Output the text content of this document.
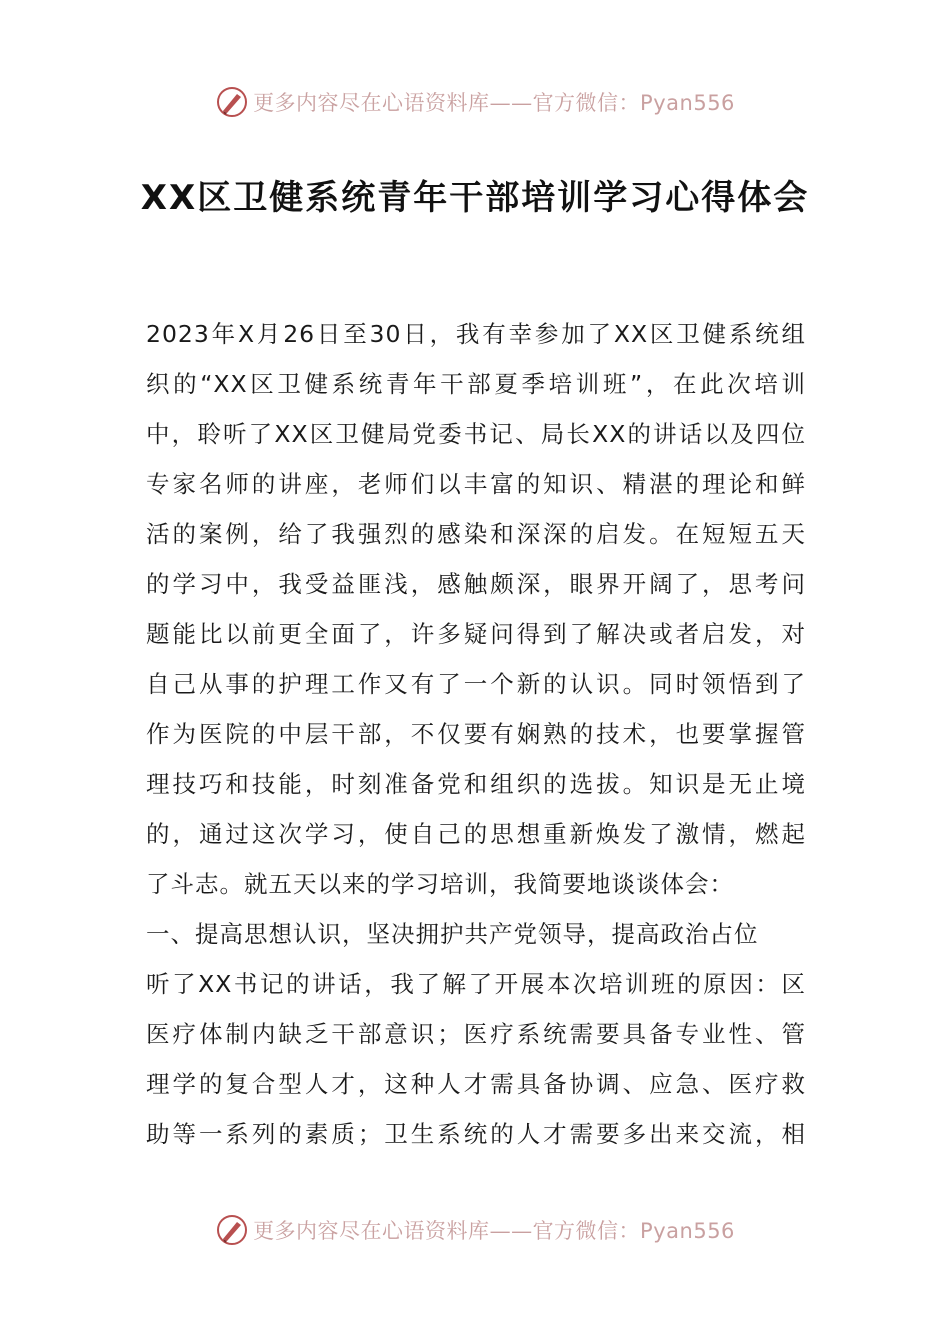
更多内容尽在心语资料库——官方微信：Pyan556
XX区卫健系统青年干部培训学习心得体会
2023年X月26日至30日，我有幸参加了XX区卫健系统组
织的“XX区卫健系统青年干部夏季培训班”，在此次培训
中，聆听了XX区卫健局党委书记、局长XX的讲话以及四位
专家名师的讲座，老师们以丰富的知识、精湛的理论和鲜
活的案例，给了我强烈的感染和深深的启发。在短短五天
的学习中，我受益匪浅，感触颇深，眼界开阔了，思考问
题能比以前更全面了，许多疑问得到了解决或者启发，对
自己从事的护理工作又有了一个新的认识。同时领悟到了
作为医院的中层干部，不仅要有娴熟的技术，也要掌握管
理技巧和技能，时刻准备党和组织的选拔。知识是无止境
的，通过这次学习，使自己的思想重新焕发了激情，燃起
了斗志。就五天以来的学习培训，我简要地谈谈体会：
一、提高思想认识，坚决拥护共产党领导，提高政治占位
听了XX书记的讲话，我了解了开展本次培训班的原因：区
医疗体制内缺乏干部意识；医疗系统需要具备专业性、管
理学的复合型人才，这种人才需具备协调、应急、医疗救
助等一系列的素质；卫生系统的人才需要多出来交流，相
更多内容尽在心语资料库——官方微信：Pyan556
